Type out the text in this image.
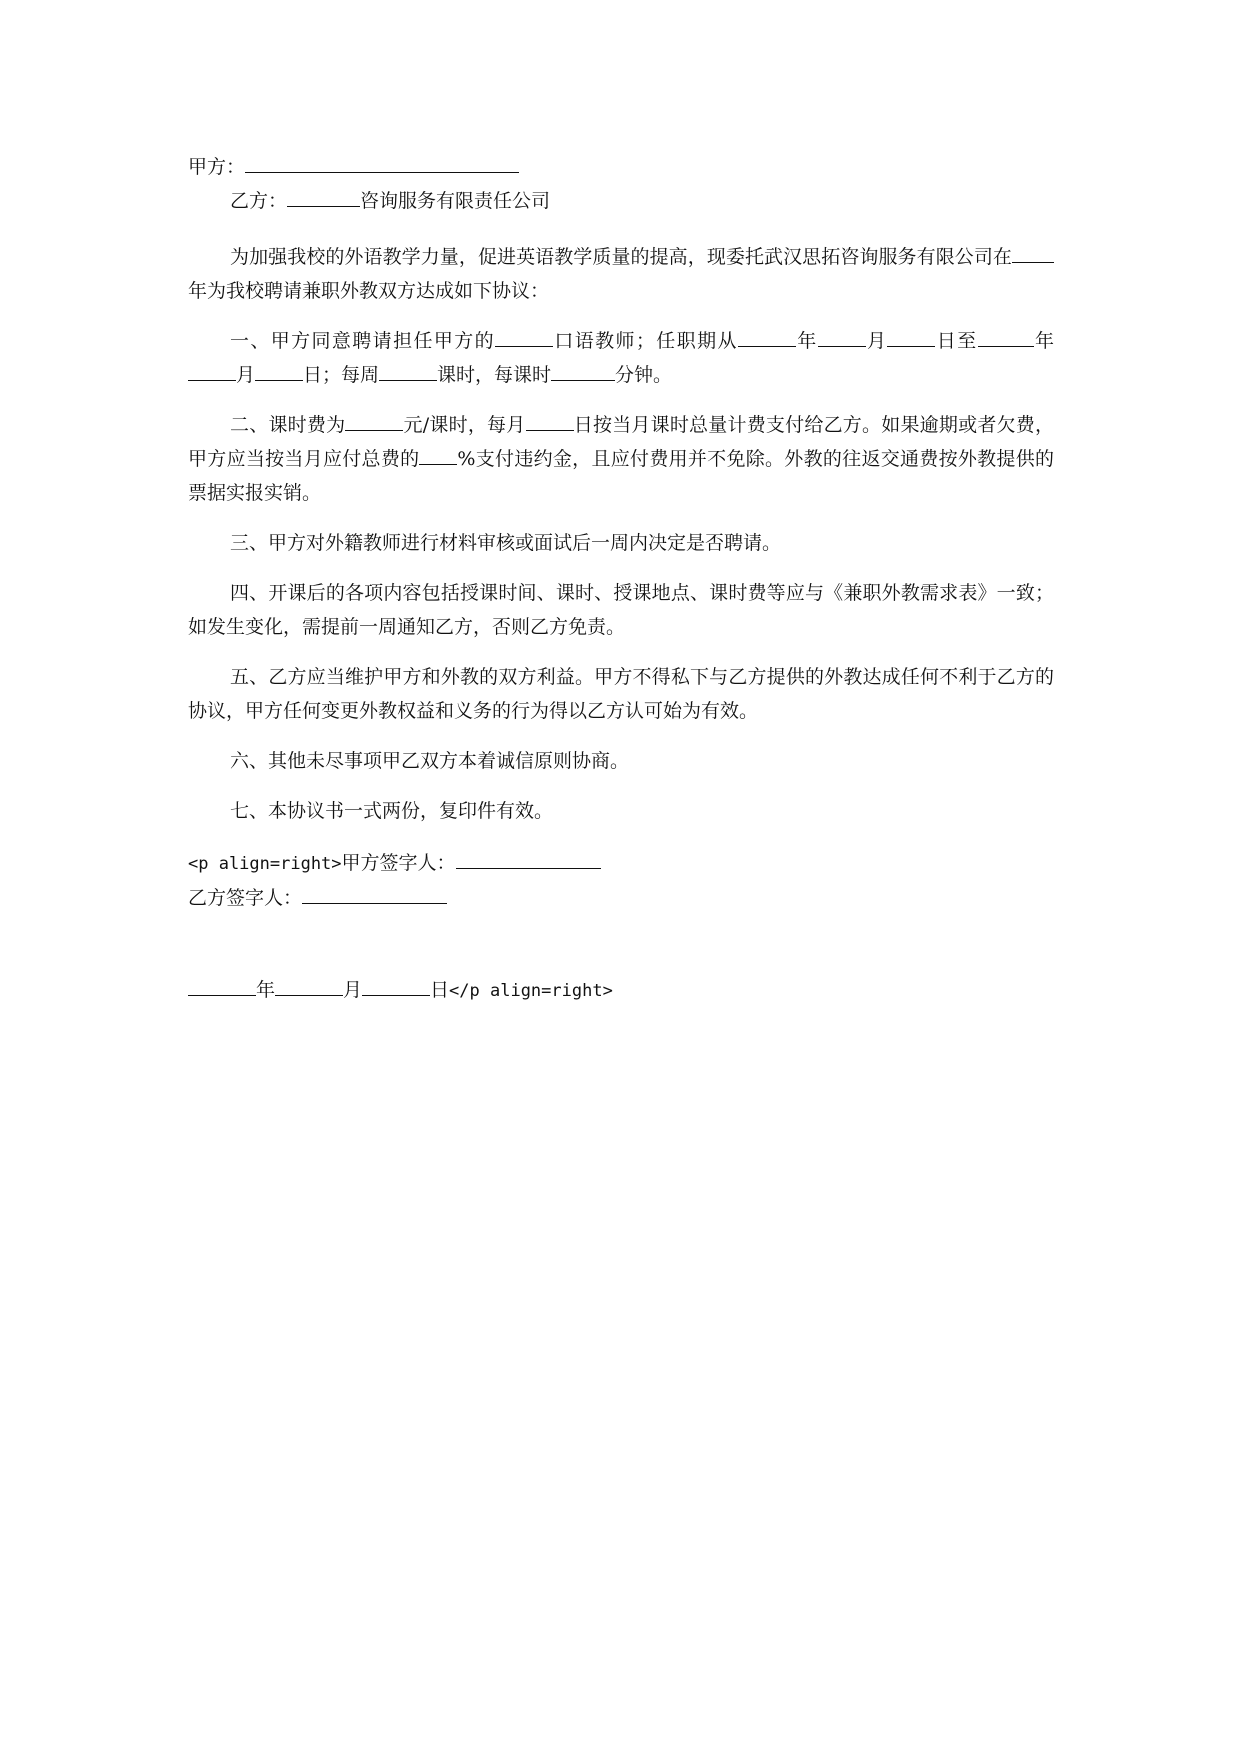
甲方：
乙方：	咨询服务有限责任公司
为加强我校的外语教学力量，促进英语教学质量的提高，现委托武汉思拓咨询服务有限公司在年为我校聘请兼职外教双方达成如下协议：
一、甲方同意聘请担任甲方的	口语教师；任职期从	年	月	日至	年月	日；每周	课时，每课时	分钟。
二、课时费为	元/课时，每月	日按当月课时总量计费支付给乙方。如果逾期或者欠费，甲方应当按当月应付总费的 %支付违约金，且应付费用并不免除。外教的往返交通费按外教提供的票据实报实销。
三、甲方对外籍教师进行材料审核或面试后一周内决定是否聘请。
四、开课后的各项内容包括授课时间、课时、授课地点、课时费等应与《兼职外教需求表》一致；如发生变化，需提前一周通知乙方，否则乙方免责。
五、乙方应当维护甲方和外教的双方利益。甲方不得私下与乙方提供的外教达成任何不利于乙方的协议，甲方任何变更外教权益和义务的行为得以乙方认可始为有效。
六、其他未尽事项甲乙双方本着诚信原则协商。
七、本协议书一式两份，复印件有效。
<p align=right>甲方签字人：
乙方签字人：
年	月	日</p align=right>
